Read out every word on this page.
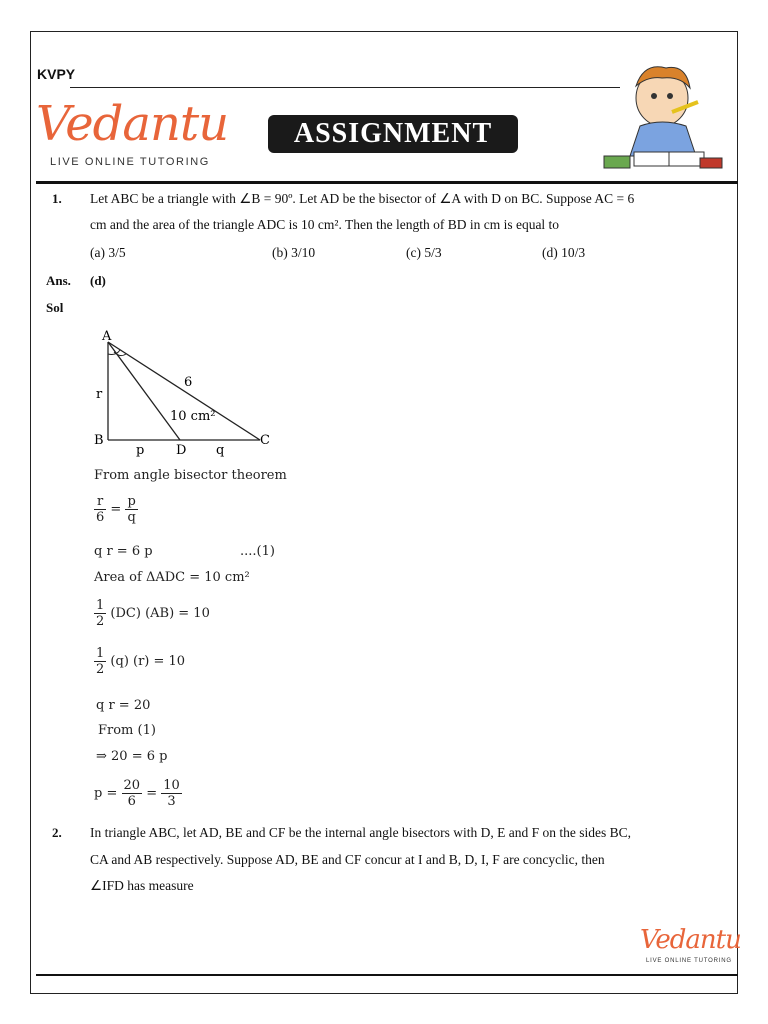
KVPY
Vedantu
LIVE ONLINE TUTORING
ASSIGNMENT
1. Let ABC be a triangle with ∠B = 90º. Let AD be the bisector of ∠A with D on BC. Suppose AC = 6
cm and the area of the triangle ADC is 10 cm². Then the length of BD in cm is equal to
(a) 3/5	(b) 3/10	(c) 5/3	(d) 10/3
Ans. (d)
Sol
A
B	C
D
r
p	q
6
10 cm²
From angle bisector theorem
$\frac{r}{6} = \frac{p}{q}$
q r = 6 p	....(1)
Area of ΔADC = 10 cm²
$\frac{1}{2} (DC) (AB) = 10$
$\frac{1}{2} (q) (r) = 10$
q r = 20
From (1)
⇒ 20 = 6 p
$p = \frac{20}{6} = \frac{10}{3}$
2. In triangle ABC, let AD, BE and CF be the internal angle bisectors with D, E and F on the sides BC,
CA and AB respectively. Suppose AD, BE and CF concur at I and B, D, I, F are concyclic, then
∠IFD has measure
Vedantu
LIVE ONLINE TUTORING
